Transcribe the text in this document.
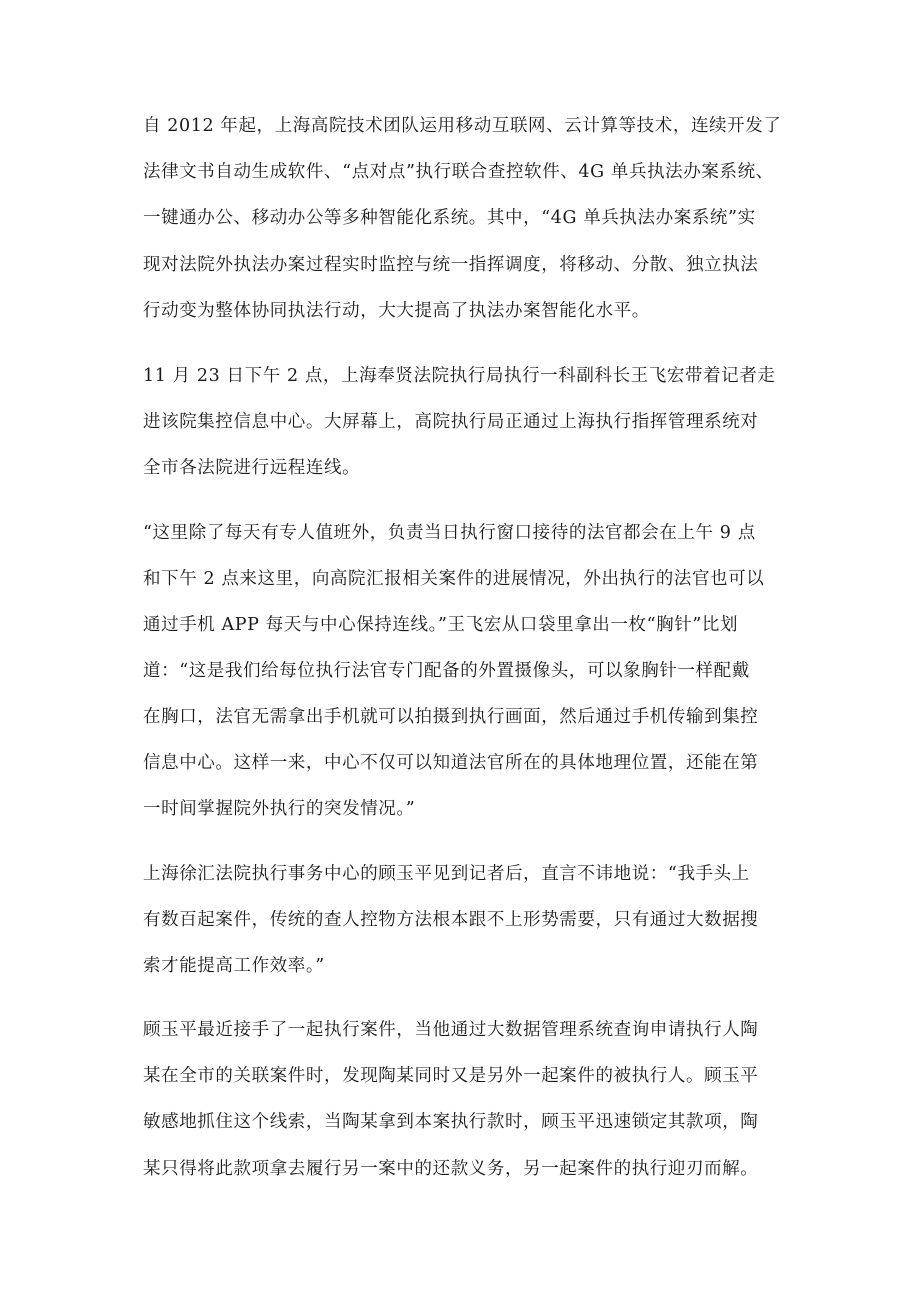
自 2012 年起，上海高院技术团队运用移动互联网、云计算等技术，连续开发了
法律文书自动生成软件、“点对点”执行联合查控软件、4G 单兵执法办案系统、
一键通办公、移动办公等多种智能化系统。其中，“4G 单兵执法办案系统”实
现对法院外执法办案过程实时监控与统一指挥调度，将移动、分散、独立执法
行动变为整体协同执法行动，大大提高了执法办案智能化水平。
11 月 23 日下午 2 点，上海奉贤法院执行局执行一科副科长王飞宏带着记者走
进该院集控信息中心。大屏幕上，高院执行局正通过上海执行指挥管理系统对
全市各法院进行远程连线。
“这里除了每天有专人值班外，负责当日执行窗口接待的法官都会在上午 9 点
和下午 2 点来这里，向高院汇报相关案件的进展情况，外出执行的法官也可以
通过手机 APP 每天与中心保持连线。”王飞宏从口袋里拿出一枚“胸针”比划
道：“这是我们给每位执行法官专门配备的外置摄像头，可以象胸针一样配戴
在胸口，法官无需拿出手机就可以拍摄到执行画面，然后通过手机传输到集控
信息中心。这样一来，中心不仅可以知道法官所在的具体地理位置，还能在第
一时间掌握院外执行的突发情况。”
上海徐汇法院执行事务中心的顾玉平见到记者后，直言不讳地说：“我手头上
有数百起案件，传统的查人控物方法根本跟不上形势需要，只有通过大数据搜
索才能提高工作效率。”
顾玉平最近接手了一起执行案件，当他通过大数据管理系统查询申请执行人陶
某在全市的关联案件时，发现陶某同时又是另外一起案件的被执行人。顾玉平
敏感地抓住这个线索，当陶某拿到本案执行款时，顾玉平迅速锁定其款项，陶
某只得将此款项拿去履行另一案中的还款义务，另一起案件的执行迎刃而解。
